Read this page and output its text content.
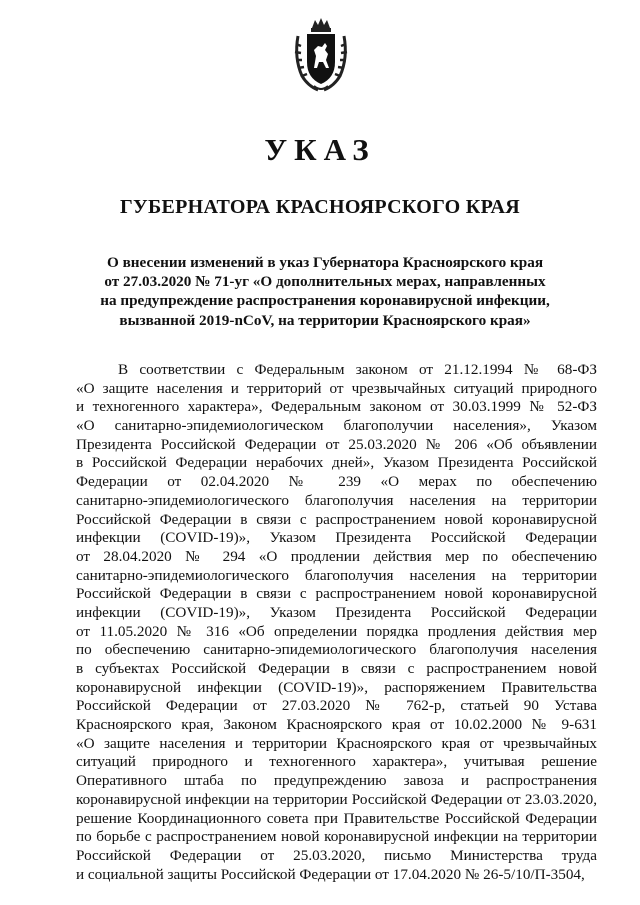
УКАЗ
ГУБЕРНАТОРА КРАСНОЯРСКОГО КРАЯ

О внесении изменений в указ Губернатора Красноярского края
от 27.03.2020 № 71-уг «О дополнительных мерах, направленных
на предупреждение распространения коронавирусной инфекции,
вызванной 2019-nCoV, на территории Красноярского края»

В соответствии с Федеральным законом от 21.12.1994 № 68-ФЗ
«О защите населения и территорий от чрезвычайных ситуаций природного
и техногенного характера», Федеральным законом от 30.03.1999 № 52-ФЗ
«О санитарно-эпидемиологическом благополучии населения», Указом
Президента Российской Федерации от 25.03.2020 № 206 «Об объявлении
в Российской Федерации нерабочих дней», Указом Президента Российской
Федерации от 02.04.2020 № 239 «О мерах по обеспечению
санитарно-эпидемиологического благополучия населения на территории
Российской Федерации в связи с распространением новой коронавирусной
инфекции (COVID-19)», Указом Президента Российской Федерации
от 28.04.2020 № 294 «О продлении действия мер по обеспечению
санитарно-эпидемиологического благополучия населения на территории
Российской Федерации в связи с распространением новой коронавирусной
инфекции (COVID-19)», Указом Президента Российской Федерации
от 11.05.2020 № 316 «Об определении порядка продления действия мер
по обеспечению санитарно-эпидемиологического благополучия населения
в субъектах Российской Федерации в связи с распространением новой
коронавирусной инфекции (COVID-19)», распоряжением Правительства
Российской Федерации от 27.03.2020 № 762-р, статьей 90 Устава
Красноярского края, Законом Красноярского края от 10.02.2000 № 9-631
«О защите населения и территории Красноярского края от чрезвычайных
ситуаций природного и техногенного характера», учитывая решение
Оперативного штаба по предупреждению завоза и распространения
коронавирусной инфекции на территории Российской Федерации от 23.03.2020,
решение Координационного совета при Правительстве Российской Федерации
по борьбе с распространением новой коронавирусной инфекции на территории
Российской Федерации от 25.03.2020, письмо Министерства труда
и социальной защиты Российской Федерации от 17.04.2020 № 26-5/10/П-3504,
